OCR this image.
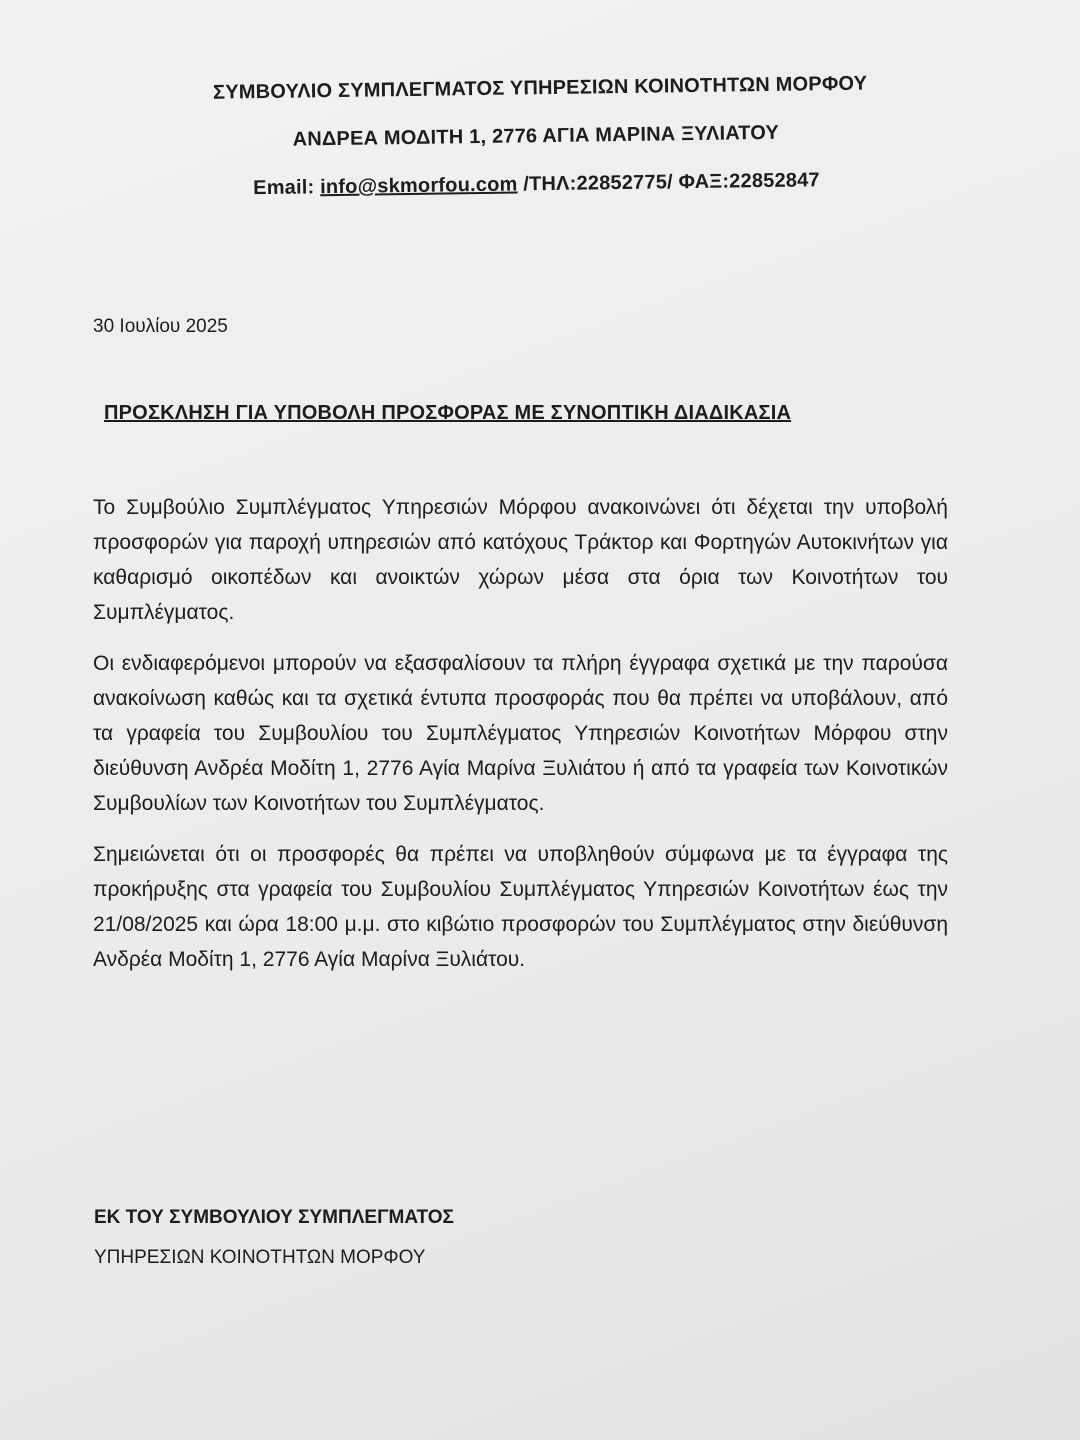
ΣΥΜΒΟΥΛΙΟ ΣΥΜΠΛΕΓΜΑΤΟΣ ΥΠΗΡΕΣΙΩΝ ΚΟΙΝΟΤΗΤΩΝ ΜΟΡΦΟΥ
ΑΝΔΡΕΑ ΜΟΔΙΤΗ 1, 2776 ΑΓΙΑ ΜΑΡΙΝΑ ΞΥΛΙΑΤΟΥ
Email: info@skmorfou.com /ΤΗΛ:22852775/ ΦΑΞ:22852847
30 Ιουλίου 2025
ΠΡΟΣΚΛΗΣΗ ΓΙΑ ΥΠΟΒΟΛΗ ΠΡΟΣΦΟΡΑΣ ΜΕ ΣΥΝΟΠΤΙΚΗ ΔΙΑΔΙΚΑΣΙΑ

Το Συμβούλιο Συμπλέγματος Υπηρεσιών Μόρφου ανακοινώνει ότι δέχεται την υποβολή προσφορών για παροχή υπηρεσιών από κατόχους Τράκτορ και Φορτηγών Αυτοκινήτων για καθαρισμό οικοπέδων και ανοικτών χώρων μέσα στα όρια των Κοινοτήτων του Συμπλέγματος.

Οι ενδιαφερόμενοι μπορούν να εξασφαλίσουν τα πλήρη έγγραφα σχετικά με την παρούσα ανακοίνωση καθώς και τα σχετικά έντυπα προσφοράς που θα πρέπει να υποβάλουν, από τα γραφεία του Συμβουλίου του Συμπλέγματος Υπηρεσιών Κοινοτήτων Μόρφου στην διεύθυνση Ανδρέα Μοδίτη 1, 2776 Αγία Μαρίνα Ξυλιάτου ή από τα γραφεία των Κοινοτικών Συμβουλίων των Κοινοτήτων του Συμπλέγματος.

Σημειώνεται ότι οι προσφορές θα πρέπει να υποβληθούν σύμφωνα με τα έγγραφα της προκήρυξης στα γραφεία του Συμβουλίου Συμπλέγματος Υπηρεσιών Κοινοτήτων έως την 21/08/2025 και ώρα 18:00 μ.μ. στο κιβώτιο προσφορών του Συμπλέγματος στην διεύθυνση Ανδρέα Μοδίτη 1, 2776 Αγία Μαρίνα Ξυλιάτου.

ΕΚ ΤΟΥ ΣΥΜΒΟΥΛΙΟΥ ΣΥΜΠΛΕΓΜΑΤΟΣ
ΥΠΗΡΕΣΙΩΝ ΚΟΙΝΟΤΗΤΩΝ ΜΟΡΦΟΥ
